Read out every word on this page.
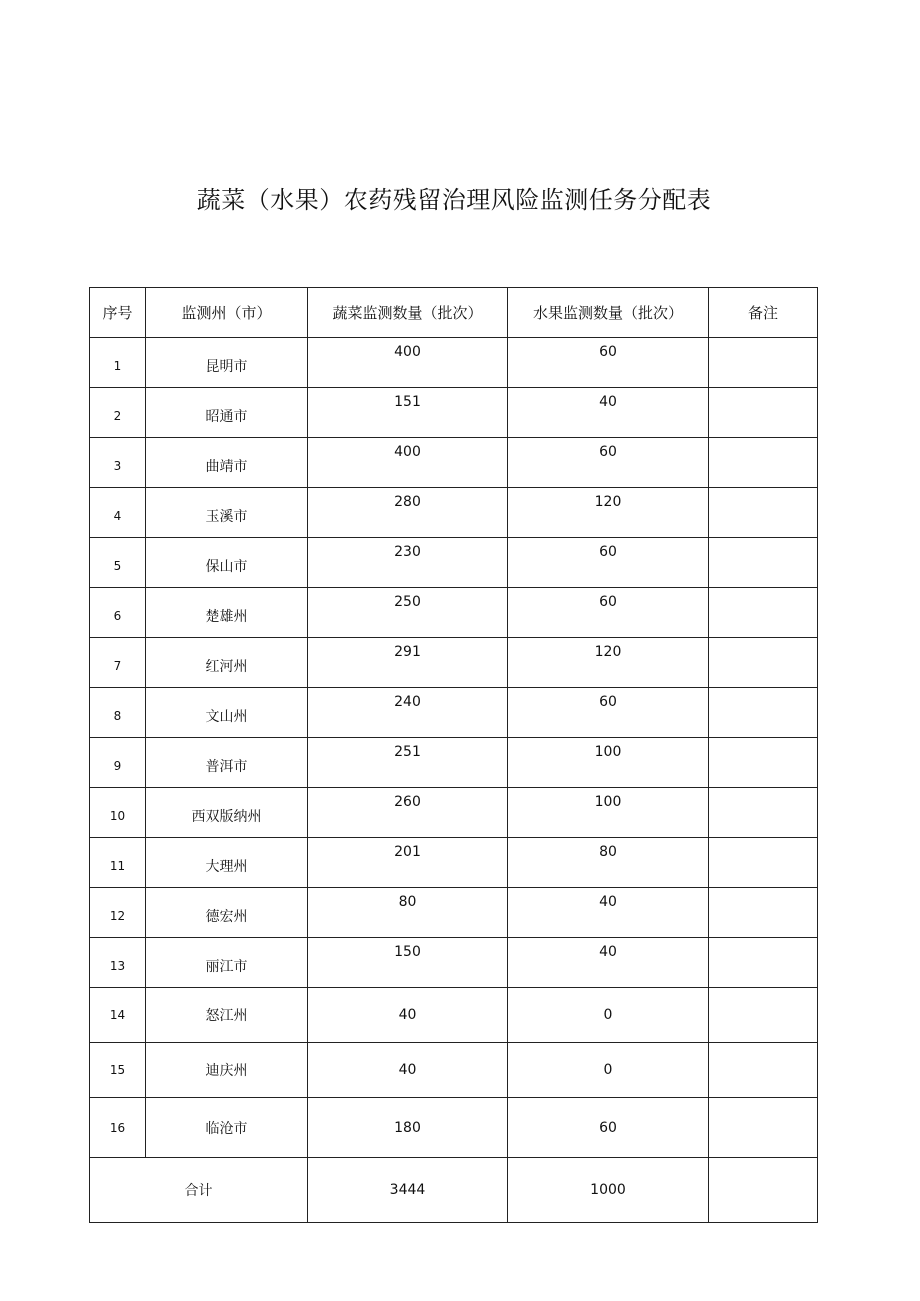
蔬菜（水果）农药残留治理风险监测任务分配表
序号	监测州（市）	蔬菜监测数量（批次）	水果监测数量（批次）	备注
1	昆明市	400	60	
2	昭通市	151	40	
3	曲靖市	400	60	
4	玉溪市	280	120	
5	保山市	230	60	
6	楚雄州	250	60	
7	红河州	291	120	
8	文山州	240	60	
9	普洱市	251	100	
10	西双版纳州	260	100	
11	大理州	201	80	
12	德宏州	80	40	
13	丽江市	150	40	
14	怒江州	40	0	
15	迪庆州	40	0	
16	临沧市	180	60	
合计		3444	1000	
